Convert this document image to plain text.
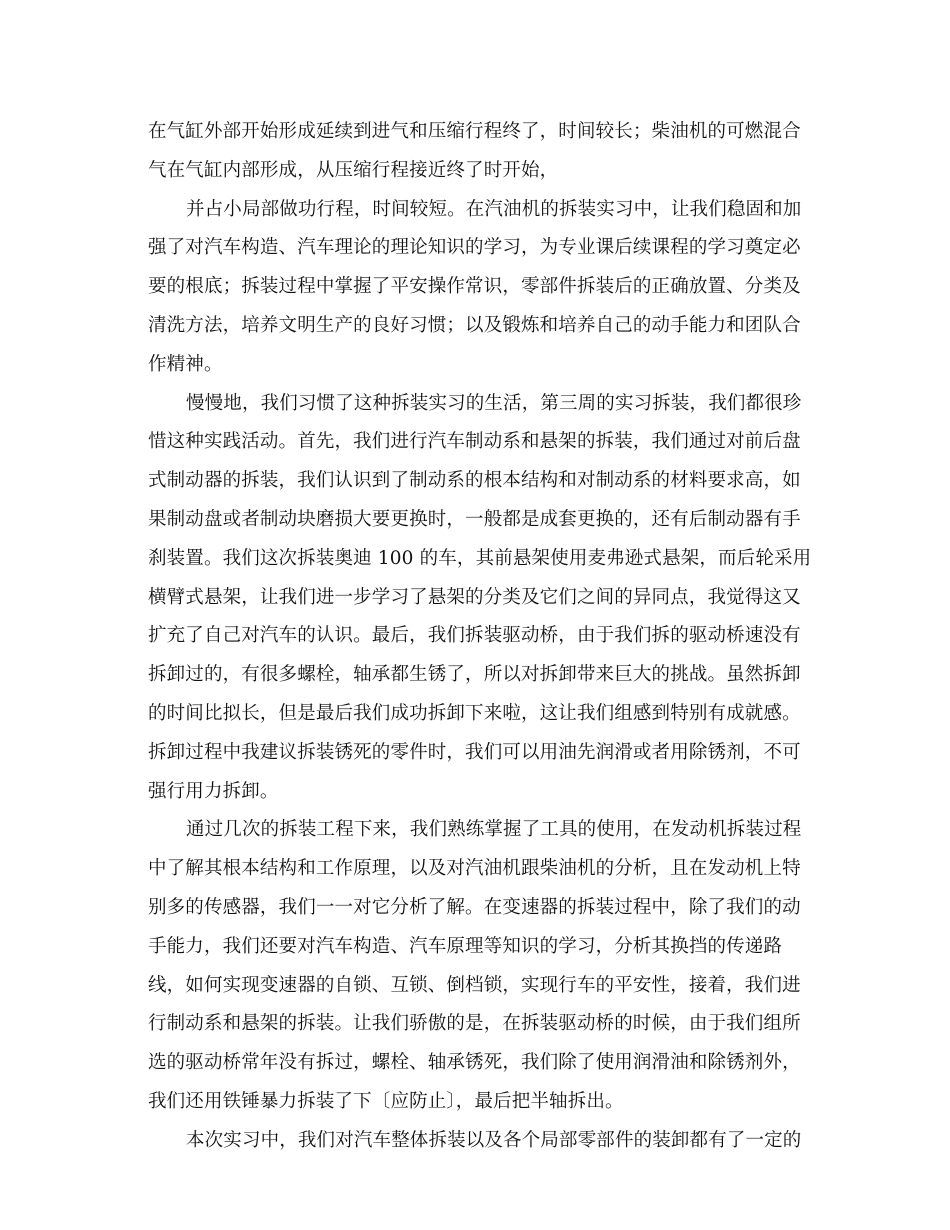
在气缸外部开始形成延续到进气和压缩行程终了，时间较长；柴油机的可燃混合
气在气缸内部形成，从压缩行程接近终了时开始，
并占小局部做功行程，时间较短。在汽油机的拆装实习中，让我们稳固和加
强了对汽车构造、汽车理论的理论知识的学习，为专业课后续课程的学习奠定必
要的根底；拆装过程中掌握了平安操作常识，零部件拆装后的正确放置、分类及
清洗方法，培养文明生产的良好习惯；以及锻炼和培养自己的动手能力和团队合
作精神。
慢慢地，我们习惯了这种拆装实习的生活，第三周的实习拆装，我们都很珍
惜这种实践活动。首先，我们进行汽车制动系和悬架的拆装，我们通过对前后盘
式制动器的拆装，我们认识到了制动系的根本结构和对制动系的材料要求高，如
果制动盘或者制动块磨损大要更换时，一般都是成套更换的，还有后制动器有手
刹装置。我们这次拆装奥迪 100 的车，其前悬架使用麦弗逊式悬架，而后轮采用
横臂式悬架，让我们进一步学习了悬架的分类及它们之间的异同点，我觉得这又
扩充了自己对汽车的认识。最后，我们拆装驱动桥，由于我们拆的驱动桥速没有
拆卸过的，有很多螺栓，轴承都生锈了，所以对拆卸带来巨大的挑战。虽然拆卸
的时间比拟长，但是最后我们成功拆卸下来啦，这让我们组感到特别有成就感。
拆卸过程中我建议拆装锈死的零件时，我们可以用油先润滑或者用除锈剂，不可
强行用力拆卸。
通过几次的拆装工程下来，我们熟练掌握了工具的使用，在发动机拆装过程
中了解其根本结构和工作原理，以及对汽油机跟柴油机的分析，且在发动机上特
别多的传感器，我们一一对它分析了解。在变速器的拆装过程中，除了我们的动
手能力，我们还要对汽车构造、汽车原理等知识的学习，分析其换挡的传递路
线，如何实现变速器的自锁、互锁、倒档锁，实现行车的平安性，接着，我们进
行制动系和悬架的拆装。让我们骄傲的是，在拆装驱动桥的时候，由于我们组所
选的驱动桥常年没有拆过，螺栓、轴承锈死，我们除了使用润滑油和除锈剂外，
我们还用铁锤暴力拆装了下〔应防止〕，最后把半轴拆出。
本次实习中，我们对汽车整体拆装以及各个局部零部件的装卸都有了一定的
